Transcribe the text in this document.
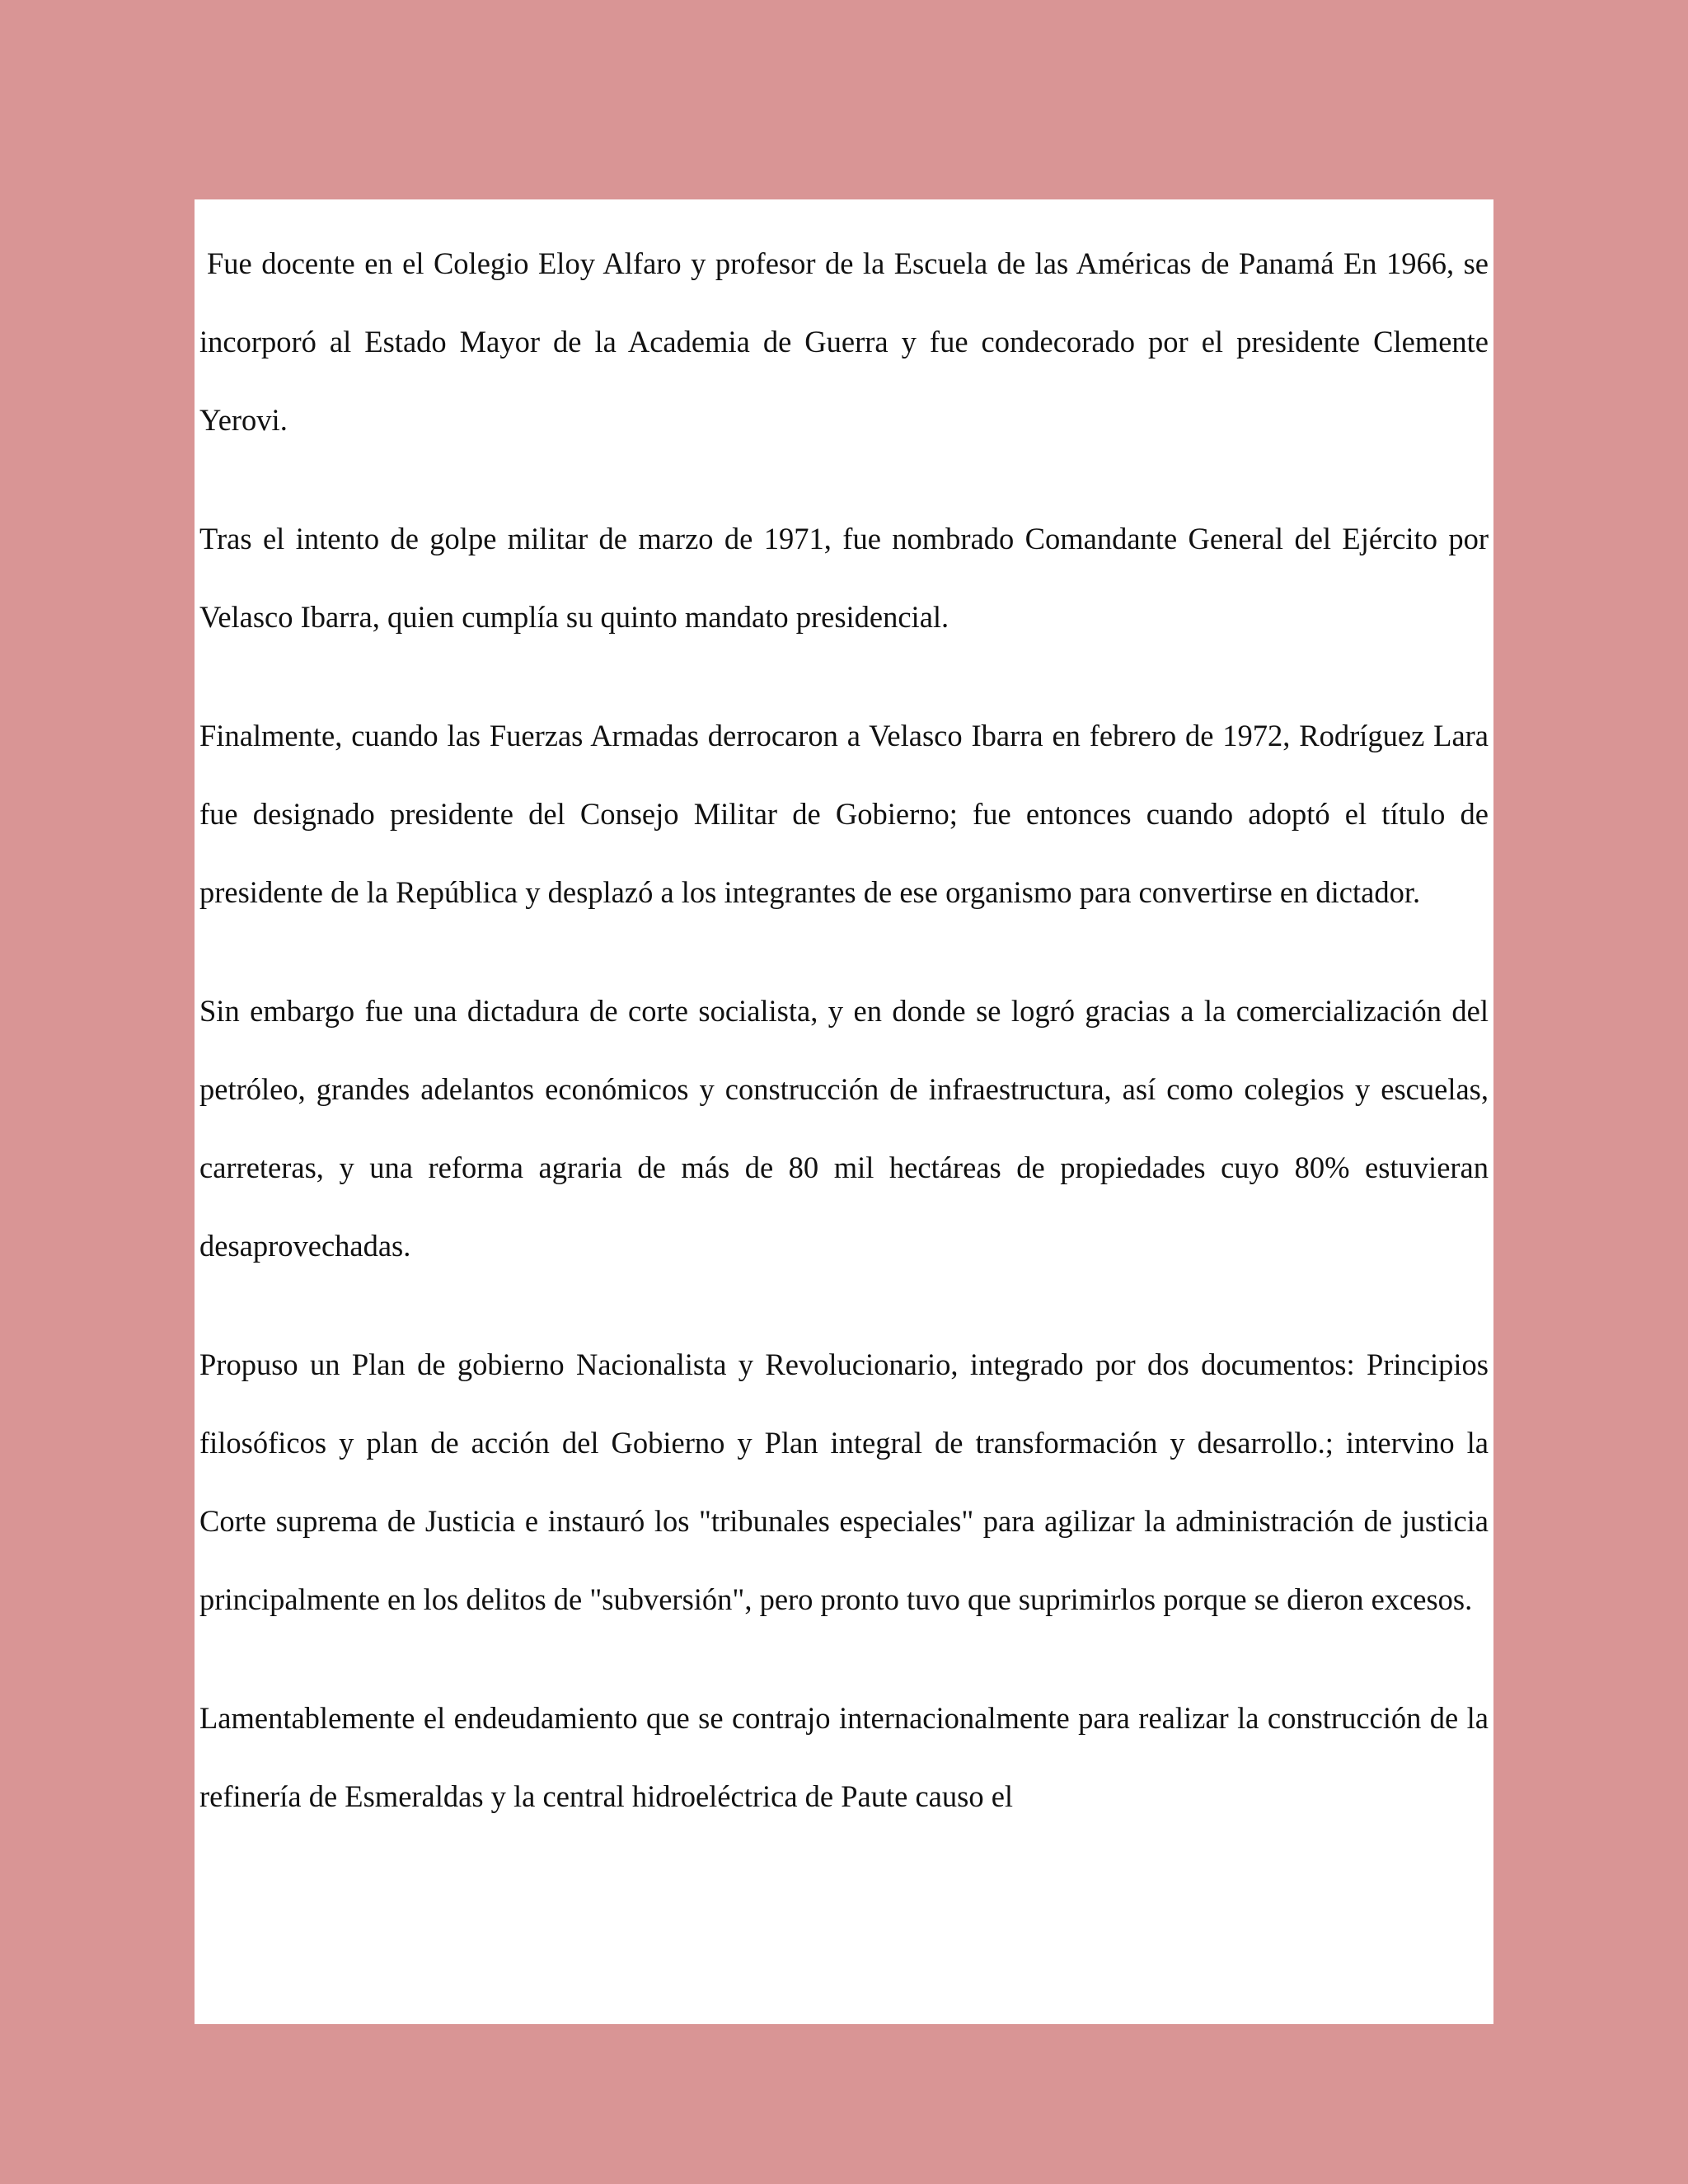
Fue docente en el Colegio Eloy Alfaro y profesor de la Escuela de las Américas de Panamá En 1966, se incorporó al Estado Mayor de la Academia de Guerra y fue condecorado por el presidente Clemente Yerovi.

Tras el intento de golpe militar de marzo de 1971, fue nombrado Comandante General del Ejército por Velasco Ibarra, quien cumplía su quinto mandato presidencial.

Finalmente, cuando las Fuerzas Armadas derrocaron a Velasco Ibarra en febrero de 1972, Rodríguez Lara fue designado presidente del Consejo Militar de Gobierno; fue entonces cuando adoptó el título de presidente de la República y desplazó a los integrantes de ese organismo para convertirse en dictador.

Sin embargo fue una dictadura de corte socialista, y en donde se logró gracias a la comercialización del petróleo, grandes adelantos económicos y construcción de infraestructura, así como colegios y escuelas, carreteras, y una reforma agraria de más de 80 mil hectáreas de propiedades cuyo 80% estuvieran desaprovechadas.

Propuso un Plan de gobierno Nacionalista y Revolucionario, integrado por dos documentos: Principios filosóficos y plan de acción del Gobierno y Plan integral de transformación y desarrollo.; intervino la Corte suprema de Justicia e instauró los "tribunales especiales" para agilizar la administración de justicia principalmente en los delitos de "subversión", pero pronto tuvo que suprimirlos porque se dieron excesos.

Lamentablemente el endeudamiento que se contrajo internacionalmente para realizar la construcción de la refinería de Esmeraldas y la central hidroeléctrica de Paute causo el
